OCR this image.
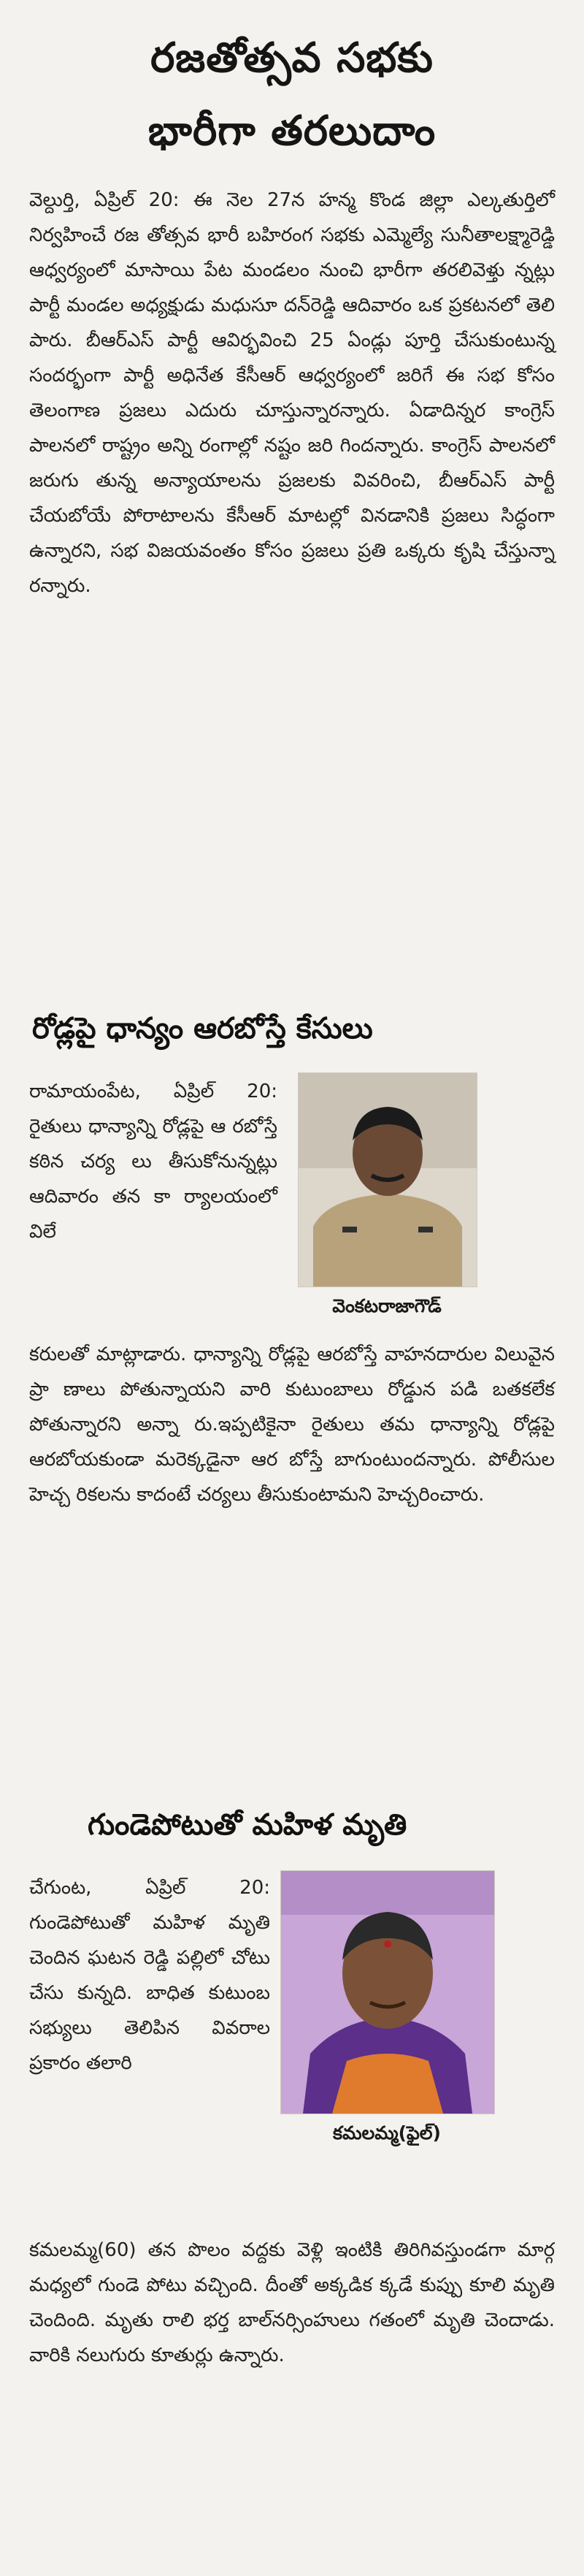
రజతోత్సవ సభకు
భారీగా తరలుదాం
వెల్దుర్తి, ఏప్రిల్ 20: ఈ నెల 27న హన్మ కొండ జిల్లా ఎల్కతుర్తిలో నిర్వహించే రజ తోత్సవ భారీ బహిరంగ సభకు ఎమ్మెల్యే సునీతాలక్ష్మారెడ్డి ఆధ్వర్యంలో మాసాయి పేట మండలం నుంచి భారీగా తరలివెళ్తు న్నట్లు పార్టీ మండల అధ్యక్షుడు మధుసూ దన్‌రెడ్డి ఆదివారం ఒక ప్రకటనలో తెలి పారు. బీఆర్ఎస్ పార్టీ ఆవిర్భవించి 25 ఏండ్లు పూర్తి చేసుకుంటున్న సందర్భంగా పార్టీ అధినేత కేసీఆర్ ఆధ్వర్యంలో జరిగే ఈ సభ కోసం తెలంగాణ ప్రజలు ఎదురు చూస్తున్నారన్నారు. ఏడాదిన్నర కాంగ్రెస్ పాలనలో రాష్ట్రం అన్ని రంగాల్లో నష్టం జరి గిందన్నారు. కాంగ్రెస్ పాలనలో జరుగు తున్న అన్యాయాలను ప్రజలకు వివరించి, బీఆర్ఎస్ పార్టీ చేయబోయే పోరాటాలను కేసీఆర్ మాటల్లో వినడానికి ప్రజలు సిద్ధంగా ఉన్నారని, సభ విజయవంతం కోసం ప్రజలు ప్రతి ఒక్కరు కృషి చేస్తున్నా రన్నారు.
రోడ్లపై ధాన్యం ఆరబోస్తే కేసులు
రామాయంపేట, ఏప్రిల్ 20: రైతులు ధాన్యాన్ని రోడ్లపై ఆ రబోస్తే కఠిన చర్య లు తీసుకోనున్నట్లు ఆదివారం తన కా ర్యాలయంలో విలే
వెంకటరాజాగౌడ్
కరులతో మాట్లాడారు. ధాన్యాన్ని రోడ్లపై ఆరబోస్తే వాహనదారుల విలువైన ప్రా ణాలు పోతున్నాయని వారి కుటుంబాలు రోడ్డున పడి బతకలేక పోతున్నారని అన్నా రు.ఇప్పటికైనా రైతులు తమ ధాన్యాన్ని రోడ్లపై ఆరబోయకుండా మరెక్కడైనా ఆర బోస్తే బాగుంటుందన్నారు. పోలీసుల హెచ్చ రికలను కాదంటే చర్యలు తీసుకుంటామని హెచ్చరించారు.
గుండెపోటుతో మహిళ మృతి
చేగుంట, ఏప్రిల్ 20: గుండెపోటుతో మహిళ మృతి చెందిన ఘటన రెడ్డి పల్లిలో చోటు చేసు కున్నది. బాధిత కుటుంబ సభ్యులు తెలిపిన వివరాల ప్రకారం తలారి
కమలమ్మ(ఫైల్)
కమలమ్మ(60) తన పొలం వద్దకు వెళ్లి ఇంటికి తిరిగివస్తుండగా మార్గ మధ్యలో గుండె పోటు వచ్చింది. దీంతో అక్కడిక క్కడే కుప్పు కూలి మృతి చెందింది. మృతు రాలి భర్త బాల్‌నర్సింహులు గతంలో మృతి చెందాడు. వారికి నలుగురు కూతుర్లు ఉన్నారు.
